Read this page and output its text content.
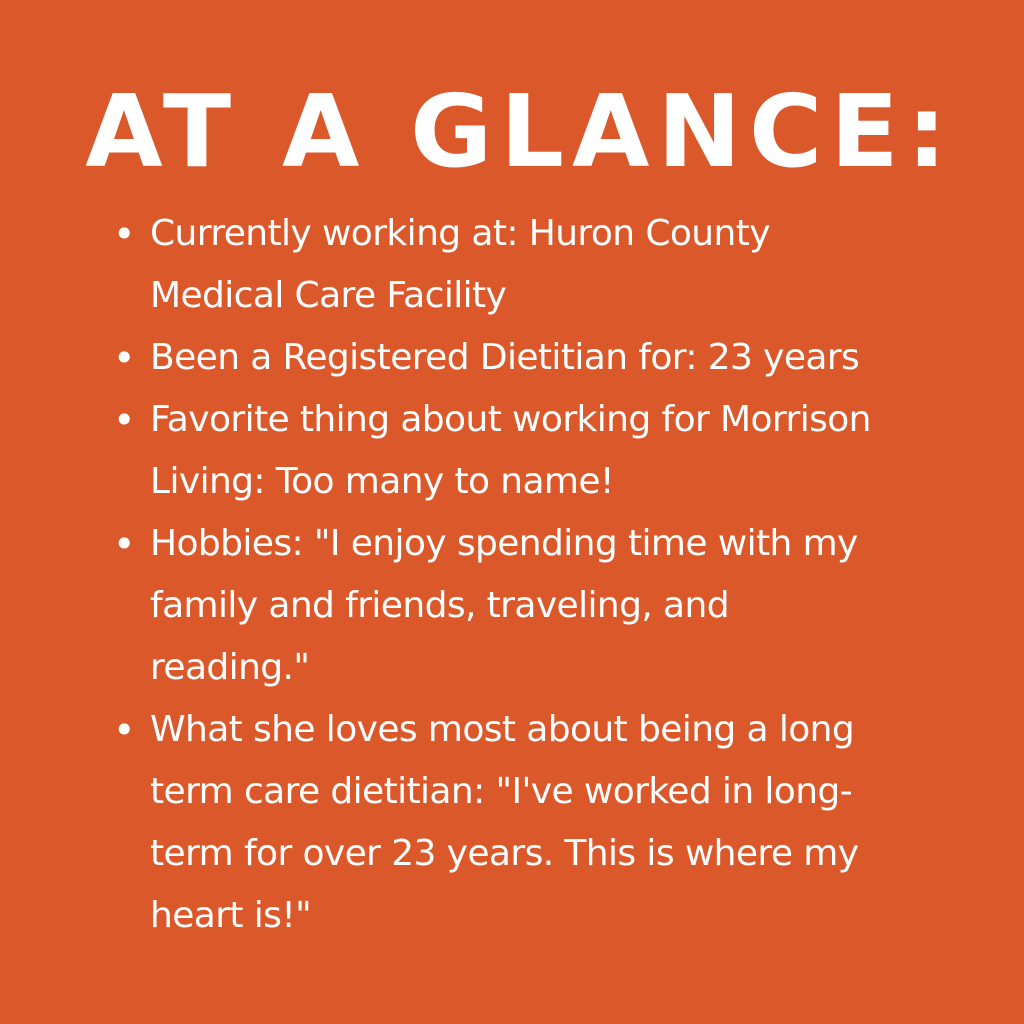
AT A GLANCE:
• Currently working at: Huron County
Medical Care Facility
• Been a Registered Dietitian for: 23 years
• Favorite thing about working for Morrison
Living: Too many to name!
• Hobbies: "I enjoy spending time with my
family and friends, traveling, and
reading."
• What she loves most about being a long
term care dietitian: "I've worked in long-
term for over 23 years. This is where my
heart is!"
